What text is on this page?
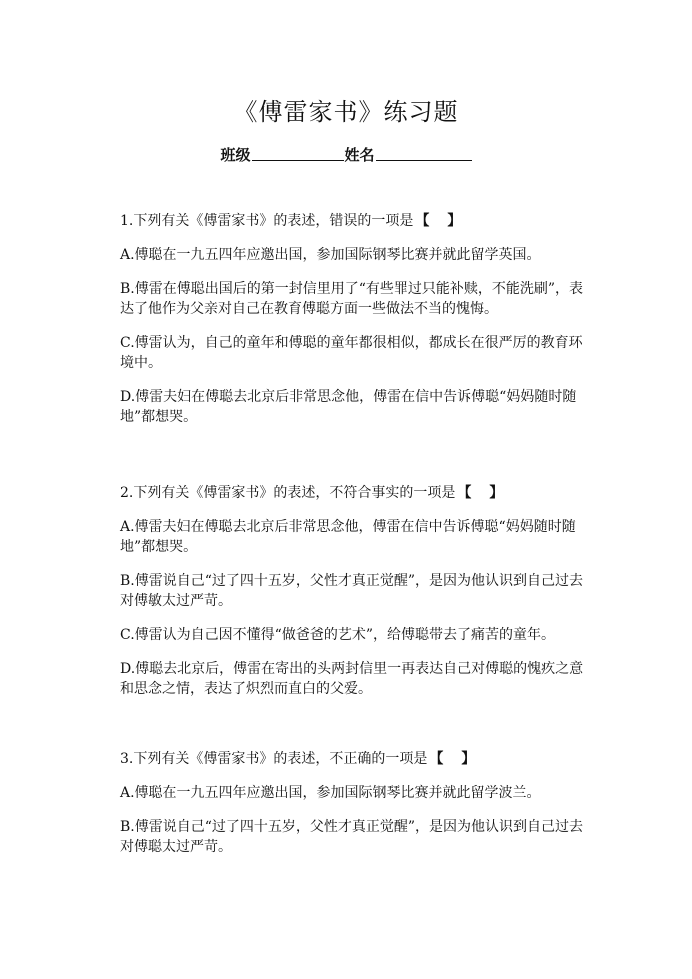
《傅雷家书》练习题
班级	姓名

1.下列有关《傅雷家书》的表述，错误的一项是 【 】

A.傅聪在一九五四年应邀出国，参加国际钢琴比赛并就此留学英国。

B.傅雷在傅聪出国后的第一封信里用了“有些罪过只能补赎，不能洗刷”，表达了他作为父亲对自己在教育傅聪方面一些做法不当的愧悔。

C.傅雷认为，自己的童年和傅聪的童年都很相似，都成长在很严厉的教育环境中。

D.傅雷夫妇在傅聪去北京后非常思念他，傅雷在信中告诉傅聪“妈妈随时随地”都想哭。

2.下列有关《傅雷家书》的表述，不符合事实的一项是 【 】

A.傅雷夫妇在傅聪去北京后非常思念他，傅雷在信中告诉傅聪“妈妈随时随地”都想哭。

B.傅雷说自己“过了四十五岁，父性才真正觉醒”，是因为他认识到自己过去对傅敏太过严苛。

C.傅雷认为自己因不懂得“做爸爸的艺术”，给傅聪带去了痛苦的童年。

D.傅聪去北京后，傅雷在寄出的头两封信里一再表达自己对傅聪的愧疚之意和思念之情，表达了炽烈而直白的父爱。

3.下列有关《傅雷家书》的表述，不正确的一项是 【 】

A.傅聪在一九五四年应邀出国，参加国际钢琴比赛并就此留学波兰。

B.傅雷说自己“过了四十五岁，父性才真正觉醒”，是因为他认识到自己过去对傅聪太过严苛。
